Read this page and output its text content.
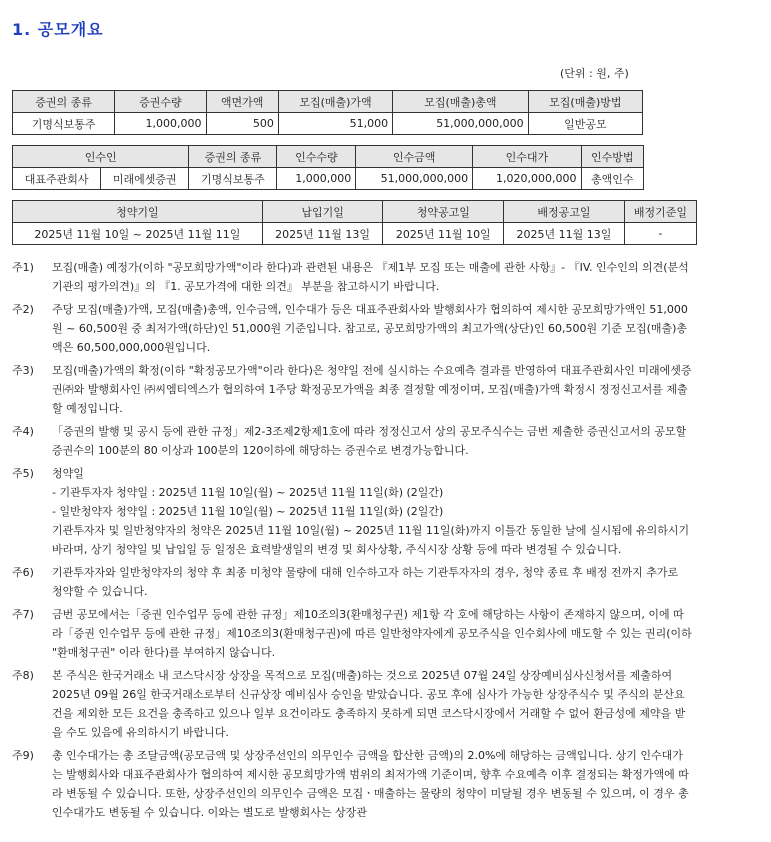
1. 공모개요
(단위 : 원, 주)
증권의 종류	증권수량	액면가액	모집(매출)가액	모집(매출)총액	모집(매출)방법
기명식보통주	1,000,000	500	51,000	51,000,000,000	일반공모
인수인		증권의 종류	인수수량	인수금액	인수대가	인수방법
대표주관회사	미래에셋증권	기명식보통주	1,000,000	51,000,000,000	1,020,000,000	총액인수
청약기일	납입기일	청약공고일	배정공고일	배정기준일
2025년 11월 10일 ~ 2025년 11월 11일	2025년 11월 13일	2025년 11월 10일	2025년 11월 13일	-
주1)	모집(매출) 예정가(이하 "공모희망가액"이라 한다)과 관련된 내용은 『제1부 모집 또는 매출에 관한 사항』- 『IV. 인수인의 의견(분석기관의 평가의견)』의 『1. 공모가격에 대한 의견』 부분을 참고하시기 바랍니다.
주2)	주당 모집(매출)가액, 모집(매출)총액, 인수금액, 인수대가 등은 대표주관회사와 발행회사가 협의하여 제시한 공모희망가액인 51,000원 ~ 60,500원 중 최저가액(하단)인 51,000원 기준입니다. 참고로, 공모희망가액의 최고가액(상단)인 60,500원 기준 모집(매출)총액은 60,500,000,000원입니다.
주3)	모집(매출)가액의 확정(이하 "확정공모가액"이라 한다)은 청약일 전에 실시하는 수요예측 결과를 반영하여 대표주관회사인 미래에셋증권㈜와 발행회사인 ㈜씨엠티엑스가 협의하여 1주당 확정공모가액을 최종 결정할 예정이며, 모집(매출)가액 확정시 정정신고서를 제출할 예정입니다.
주4)	「증권의 발행 및 공시 등에 관한 규정」제2-3조제2항제1호에 따라 정정신고서 상의 공모주식수는 금번 제출한 증권신고서의 공모할 증권수의 100분의 80 이상과 100분의 120이하에 해당하는 증권수로 변경가능합니다.
주5)	청약일
- 기관투자자 청약일 : 2025년 11월 10일(월) ~ 2025년 11월 11일(화) (2일간)
- 일반청약자 청약일 : 2025년 11월 10일(월) ~ 2025년 11월 11일(화) (2일간)
기관투자자 및 일반청약자의 청약은 2025년 11월 10일(월) ~ 2025년 11월 11일(화)까지 이틀간 동일한 날에 실시됨에 유의하시기 바라며, 상기 청약일 및 납입일 등 일정은 효력발생일의 변경 및 회사상황, 주식시장 상황 등에 따라 변경될 수 있습니다.
주6)	기관투자자와 일반청약자의 청약 후 최종 미청약 물량에 대해 인수하고자 하는 기관투자자의 경우, 청약 종료 후 배정 전까지 추가로 청약할 수 있습니다.
주7)	금번 공모에서는「증권 인수업무 등에 관한 규정」제10조의3(환매청구권) 제1항 각 호에 해당하는 사항이 존재하지 않으며, 이에 따라「증권 인수업무 등에 관한 규정」제10조의3(환매청구권)에 따른 일반청약자에게 공모주식을 인수회사에 매도할 수 있는 권리(이하 "환매청구권" 이라 한다)를 부여하지 않습니다.
주8)	본 주식은 한국거래소 내 코스닥시장 상장을 목적으로 모집(매출)하는 것으로 2025년 07월 24일 상장예비심사신청서를 제출하여 2025년 09월 26일 한국거래소로부터 신규상장 예비심사 승인을 받았습니다. 공모 후에 심사가 가능한 상장주식수 및 주식의 분산요건을 제외한 모든 요건을 충족하고 있으나 일부 요건이라도 충족하지 못하게 되면 코스닥시장에서 거래할 수 없어 환금성에 제약을 받을 수도 있음에 유의하시기 바랍니다.
주9)	총 인수대가는 총 조달금액(공모금액 및 상장주선인의 의무인수 금액을 합산한 금액)의 2.0%에 해당하는 금액입니다. 상기 인수대가는 발행회사와 대표주관회사가 협의하여 제시한 공모희망가액 범위의 최저가액 기준이며, 향후 수요예측 이후 결정되는 확정가액에 따라 변동될 수 있습니다. 또한, 상장주선인의 의무인수 금액은 모집ㆍ매출하는 물량의 청약이 미달될 경우 변동될 수 있으며, 이 경우 총 인수대가도 변동될 수 있습니다. 이와는 별도로 발행회사는 상장관
